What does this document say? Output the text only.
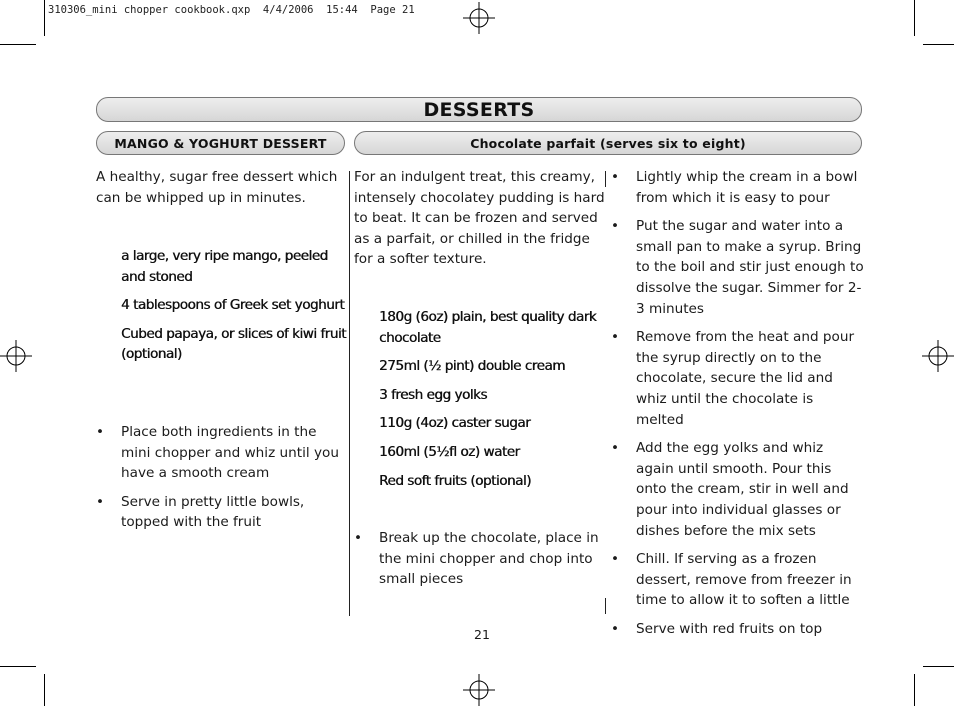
310306_mini chopper cookbook.qxp  4/4/2006  15:44  Page 21
DESSERTS
MANGO & YOGHURT DESSERT	Chocolate parfait (serves six to eight)
A healthy, sugar free dessert which can be whipped up in minutes.
a large, very ripe mango, peeled and stoned
4 tablespoons of Greek set yoghurt
Cubed papaya, or slices of kiwi fruit (optional)
• Place both ingredients in the mini chopper and whiz until you have a smooth cream
• Serve in pretty little bowls, topped with the fruit
For an indulgent treat, this creamy, intensely chocolatey pudding is hard to beat. It can be frozen and served as a parfait, or chilled in the fridge for a softer texture.
180g (6oz) plain, best quality dark chocolate
275ml (½ pint) double cream
3 fresh egg yolks
110g (4oz) caster sugar
160ml (5½fl oz) water
Red soft fruits (optional)
• Break up the chocolate, place in the mini chopper and chop into small pieces
• Lightly whip the cream in a bowl from which it is easy to pour
• Put the sugar and water into a small pan to make a syrup. Bring to the boil and stir just enough to dissolve the sugar. Simmer for 2-3 minutes
• Remove from the heat and pour the syrup directly on to the chocolate, secure the lid and whiz until the chocolate is melted
• Add the egg yolks and whiz again until smooth. Pour this onto the cream, stir in well and pour into individual glasses or dishes before the mix sets
• Chill. If serving as a frozen dessert, remove from freezer in time to allow it to soften a little
• Serve with red fruits on top
21
